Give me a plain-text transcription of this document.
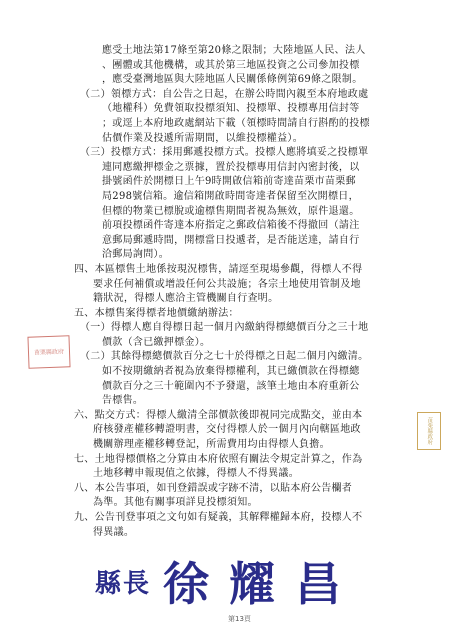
應受土地法第17條至第20條之限制；大陸地區人民、法人
、團體或其他機構，或其於第三地區投資之公司參加投標
，應受臺灣地區與大陸地區人民關係條例第69條之限制。
（二）領標方式：自公告之日起，在辦公時間內親至本府地政處
（地權科）免費領取投標須知、投標單、投標專用信封等
；或逕上本府地政處網站下載（領標時間請自行斟酌的投標
估價作業及投遞所需期間，以維投標權益）。
（三）投標方式：採用郵遞投標方式。投標人應將填妥之投標單
連同應繳押標金之票據，置於投標專用信封內密封後，以
掛號函件於開標日上午9時開啟信箱前寄達苗栗市苗栗郵
局298號信箱。逾信箱開啟時間寄達者保留至次開標日，
但標的物業已標脫或逾標售期間者視為無效，原件退還。
前項投標函件寄達本府指定之郵政信箱後不得撤回（請注
意郵局郵遞時間，開標當日投遞者，是否能送達，請自行
洽郵局詢問）。
四、本區標售土地係按現況標售，請逕至現場參觀，得標人不得
要求任何補償或增設任何公共設施；各宗土地使用管制及地
籍狀況，得標人應洽主管機關自行查明。
五、本標售案得標者地價繳納辦法：
（一）得標人應自得標日起一個月內繳納得標總價百分之三十地
價款（含已繳押標金）。
（二）其餘得標總價款百分之七十於得標之日起二個月內繳清。
如不按期繳納者視為放棄得標權利，其已繳價款在得標總
價款百分之三十範圍內不予發還，該筆土地由本府重新公
告標售。
六、點交方式：得標人繳清全部價款後即視同完成點交，並由本
府核發產權移轉證明書，交付得標人於一個月內向轄區地政
機關辦理產權移轉登記，所需費用均由得標人負擔。
七、土地得標價格之分算由本府依照有關法令規定計算之，作為
土地移轉申報現值之依據，得標人不得異議。
八、本公告事項，如刊登錯誤或字跡不清，以貼本府公告欄者
為準。其他有關事項詳見投標須知。
九、公告刊登事項之文句如有疑義，其解釋權歸本府，投標人不
得異議。
苗栗縣政府
苗栗縣政府
縣長 徐耀昌
第13頁
